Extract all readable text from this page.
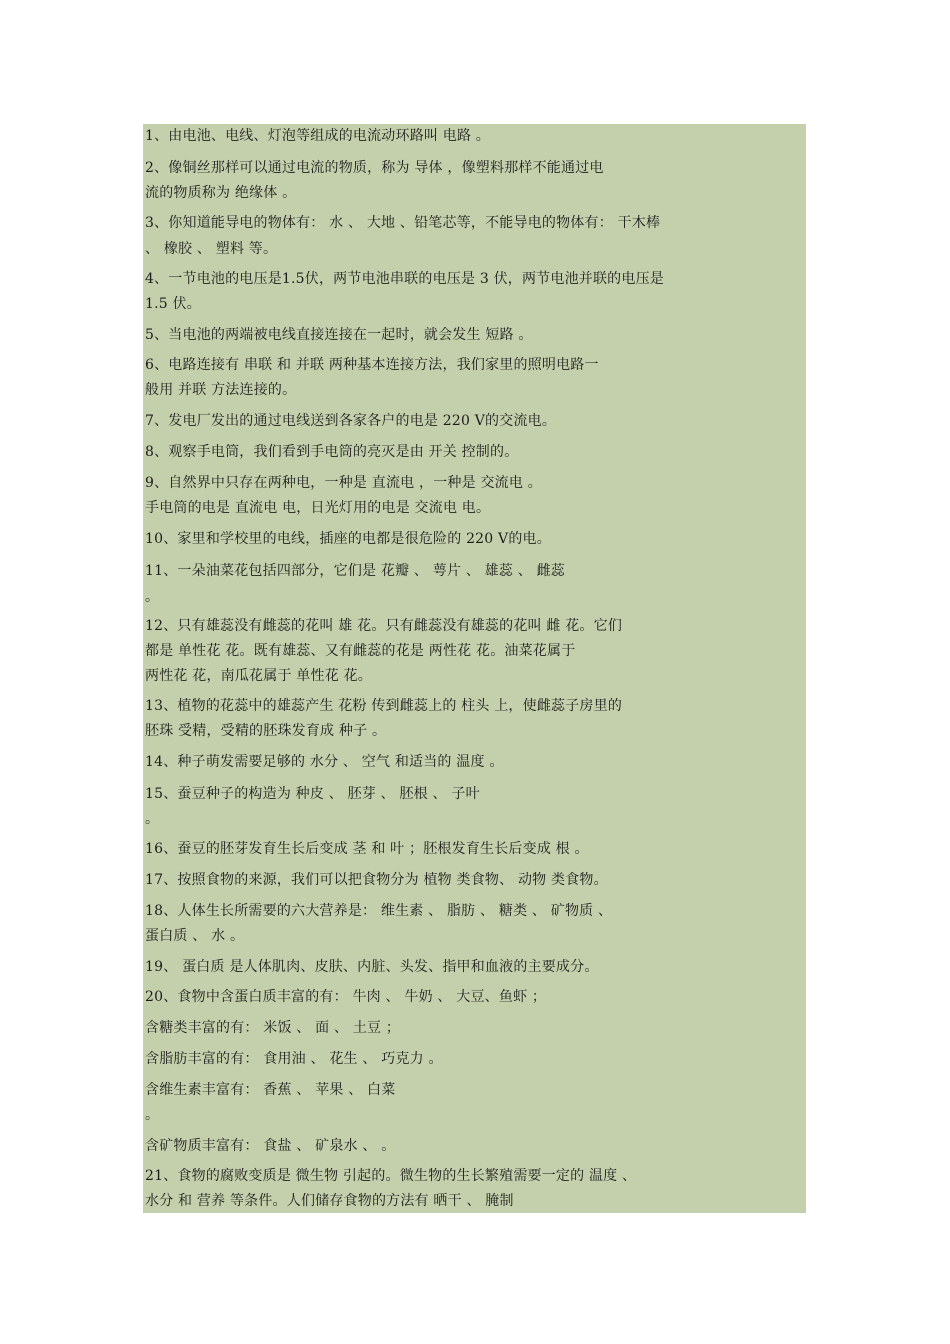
1、由电池、电线、灯泡等组成的电流动环路叫 电路 。
2、像铜丝那样可以通过电流的物质，称为 导体 ，像塑料那样不能通过电
流的物质称为 绝缘体 。
3、你知道能导电的物体有： 水 、 大地 、铅笔芯等，不能导电的物体有： 干木棒
、 橡胶 、 塑料 等。
4、一节电池的电压是1.5伏，两节电池串联的电压是 3 伏，两节电池并联的电压是
1.5 伏。
5、当电池的两端被电线直接连接在一起时，就会发生 短路 。
6、电路连接有 串联 和 并联 两种基本连接方法，我们家里的照明电路一
般用 并联 方法连接的。
7、发电厂发出的通过电线送到各家各户的电是 220 V的交流电。
8、观察手电筒，我们看到手电筒的亮灭是由 开关 控制的。
9、自然界中只存在两种电，一种是 直流电 ，一种是 交流电 。
手电筒的电是 直流电 电，日光灯用的电是 交流电 电。
10、家里和学校里的电线，插座的电都是很危险的 220 V的电。
11、一朵油菜花包括四部分，它们是 花瓣 、 萼片 、 雄蕊 、 雌蕊
。
12、只有雄蕊没有雌蕊的花叫 雄 花。只有雌蕊没有雄蕊的花叫 雌 花。它们
都是 单性花 花。既有雄蕊、又有雌蕊的花是 两性花 花。油菜花属于
两性花 花，南瓜花属于 单性花 花。
13、植物的花蕊中的雄蕊产生 花粉 传到雌蕊上的 柱头 上，使雌蕊子房里的
胚珠 受精，受精的胚珠发育成 种子 。
14、种子萌发需要足够的 水分 、 空气 和适当的 温度 。
15、蚕豆种子的构造为 种皮 、 胚芽 、 胚根 、 子叶
。
16、蚕豆的胚芽发育生长后变成 茎 和 叶 ；胚根发育生长后变成 根 。
17、按照食物的来源，我们可以把食物分为 植物 类食物、 动物 类食物。
18、人体生长所需要的六大营养是： 维生素 、 脂肪 、 糖类 、 矿物质 、
蛋白质 、 水 。
19、 蛋白质 是人体肌肉、皮肤、内脏、头发、指甲和血液的主要成分。
20、食物中含蛋白质丰富的有： 牛肉 、 牛奶 、 大豆、鱼虾 ；
含糖类丰富的有： 米饭 、 面 、 土豆 ；
含脂肪丰富的有： 食用油 、 花生 、 巧克力 。
含维生素丰富有： 香蕉 、 苹果 、 白菜
。
含矿物质丰富有： 食盐 、 矿泉水 、 。
21、食物的腐败变质是 微生物 引起的。微生物的生长繁殖需要一定的 温度 、
水分 和 营养 等条件。人们储存食物的方法有 晒干 、 腌制
